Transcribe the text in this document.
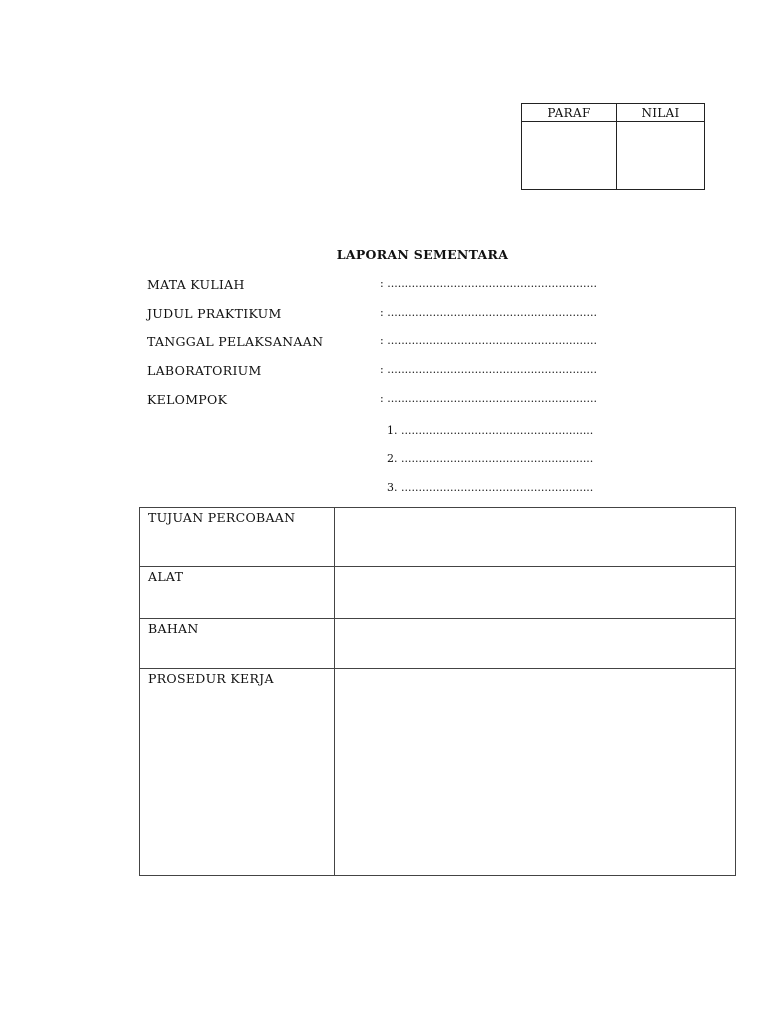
PARAF	NILAI
LAPORAN SEMENTARA
MATA KULIAH	: ............................................................
JUDUL PRAKTIKUM	: ............................................................
TANGGAL PELAKSANAAN	: ............................................................
LABORATORIUM	: ............................................................
KELOMPOK	: ............................................................
1. .......................................................
2. .......................................................
3. .......................................................
TUJUAN PERCOBAAN	
ALAT	
BAHAN	
PROSEDUR KERJA	
